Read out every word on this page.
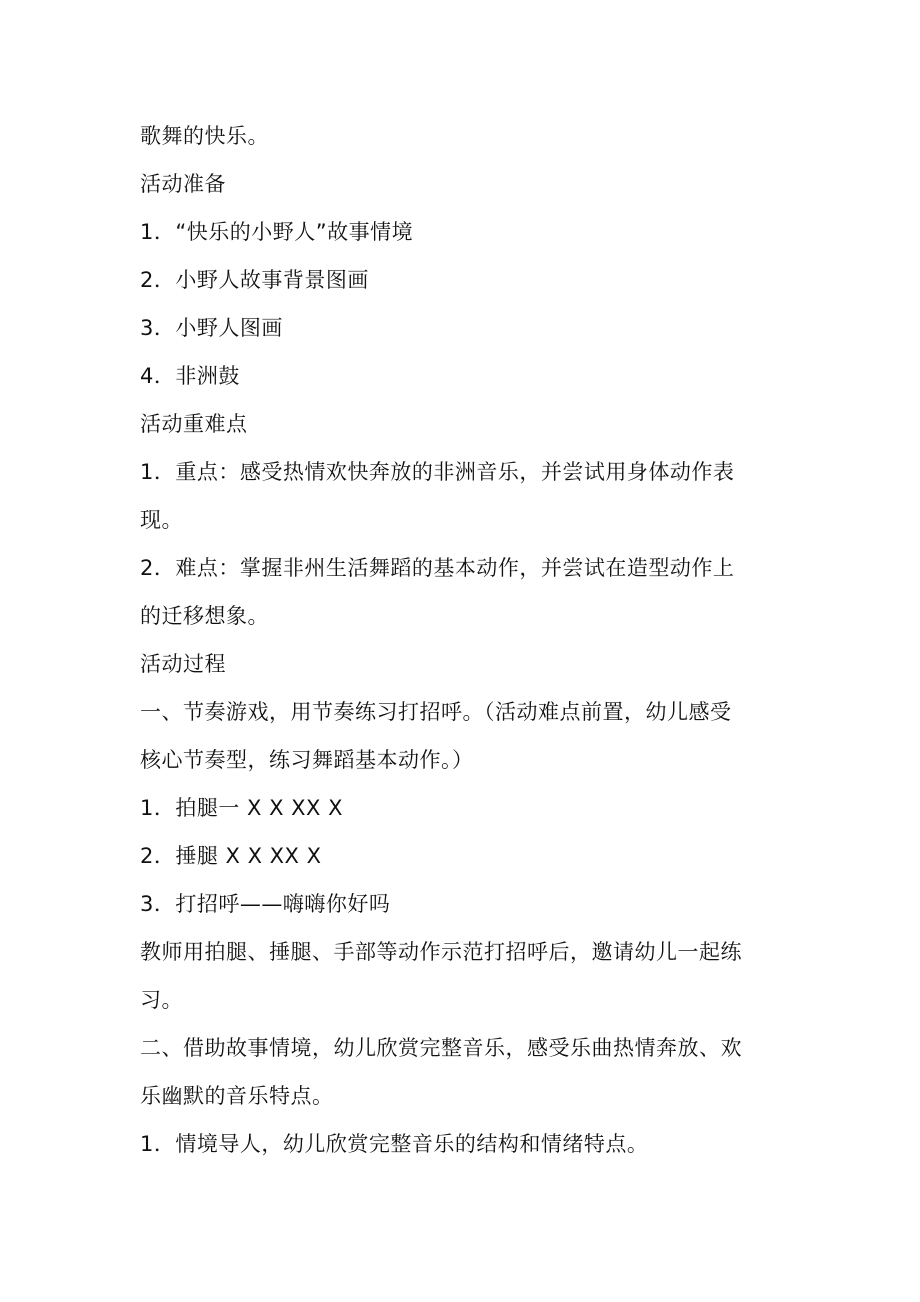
歌舞的快乐。
活动准备
1．“快乐的小野人”故事情境
2．小野人故事背景图画
3．小野人图画
4．非洲鼓
活动重难点
1．重点：感受热情欢快奔放的非洲音乐，并尝试用身体动作表
现。
2．难点：掌握非州生活舞蹈的基本动作，并尝试在造型动作上
的迁移想象。
活动过程
一、节奏游戏，用节奏练习打招呼。（活动难点前置，幼儿感受
核心节奏型，练习舞蹈基本动作。）
1．拍腿一 X X XX X
2．捶腿 X X XX X
3．打招呼——嗨嗨你好吗
教师用拍腿、捶腿、手部等动作示范打招呼后，邀请幼儿一起练
习。
二、借助故事情境，幼儿欣赏完整音乐，感受乐曲热情奔放、欢
乐幽默的音乐特点。
1．情境导人，幼儿欣赏完整音乐的结构和情绪特点。
